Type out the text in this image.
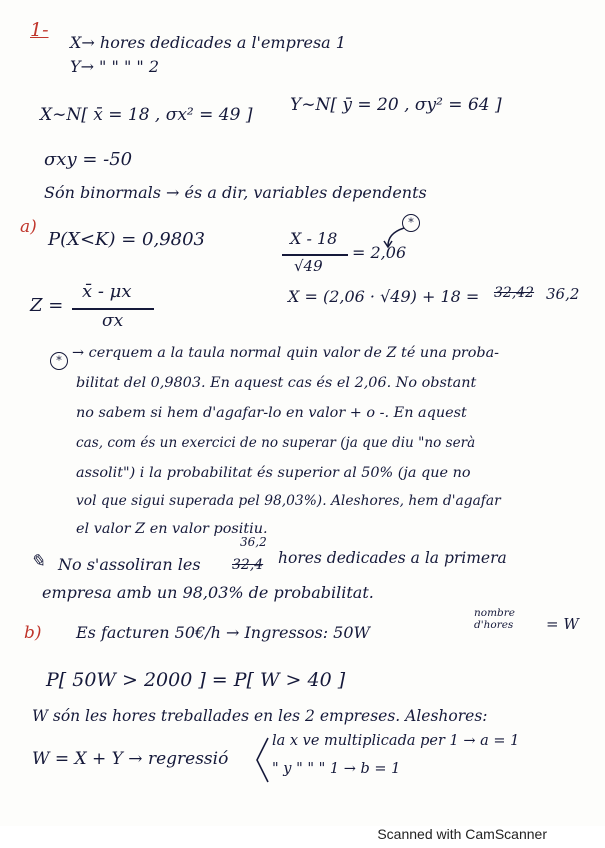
1-
X→ hores dedicades a l'empresa 1
Y→ " " " " 2
X∼N[ x̄ = 18 , σx² = 49 ] Y∼N[ ȳ = 20 , σy² = 64 ]
σxy = -50
Són binormals → és a dir, variables dependents
a)
P(X<K) = 0,9803	X - 18
√49
= 2,06
*
Z =
x̄ - μx
σx
X = (2,06 · √49) + 18 = 32,42 36,2
* → cerquem a la taula normal quin valor de Z té una proba-
bilitat del 0,9803. En aquest cas és el 2,06. No obstant
no sabem si hem d'agafar-lo en valor + o -. En aquest
cas, com és un exercici de no superar (ja que diu "no serà
assolit") i la probabilitat és superior al 50% (ja que no
vol que sigui superada pel 98,03%). Aleshores, hem d'agafar
el valor Z en valor positiu.
✎ No s'assoliran les 32,4
36,2
hores dedicades a la primera
empresa amb un 98,03% de probabilitat.
b) Es facturen 50€/h → Ingressos: 50W
nombre d'hores	= W
P[ 50W > 2000 ] = P[ W > 40 ]
W són les hores treballades en les 2 empreses. Aleshores:
W = X + Y → regressió
la x ve multiplicada per 1 → a = 1
" y " " " 1 → b = 1
Scanned with CamScanner
